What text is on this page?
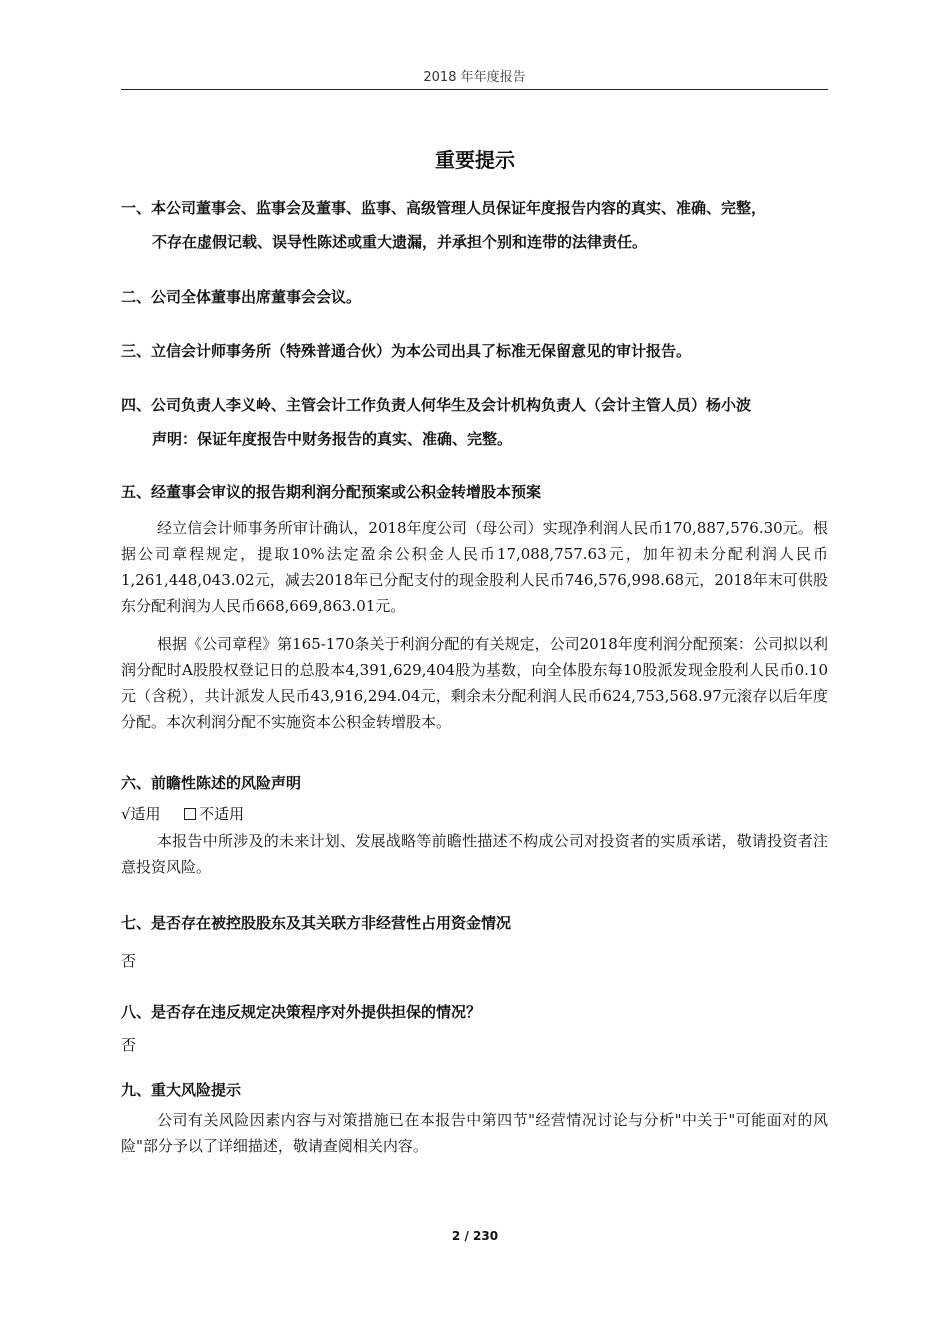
2018 年年度报告
重要提示
一、本公司董事会、监事会及董事、监事、高级管理人员保证年度报告内容的真实、准确、完整，
不存在虚假记载、误导性陈述或重大遗漏，并承担个别和连带的法律责任。
二、公司全体董事出席董事会会议。
三、立信会计师事务所（特殊普通合伙）为本公司出具了标准无保留意见的审计报告。
四、公司负责人李义岭、主管会计工作负责人何华生及会计机构负责人（会计主管人员）杨小波
声明：保证年度报告中财务报告的真实、准确、完整。
五、经董事会审议的报告期利润分配预案或公积金转增股本预案
经立信会计师事务所审计确认，2018年度公司（母公司）实现净利润人民币170,887,576.30元。根据公司章程规定，提取10%法定盈余公积金人民币17,088,757.63元，加年初未分配利润人民币1,261,448,043.02元，减去2018年已分配支付的现金股利人民币746,576,998.68元，2018年末可供股东分配利润为人民币668,669,863.01元。
根据《公司章程》第165-170条关于利润分配的有关规定，公司2018年度利润分配预案：公司拟以利润分配时A股股权登记日的总股本4,391,629,404股为基数，向全体股东每10股派发现金股利人民币0.10元（含税），共计派发人民币43,916,294.04元，剩余未分配利润人民币624,753,568.97元滚存以后年度分配。本次利润分配不实施资本公积金转增股本。
六、前瞻性陈述的风险声明
√适用	不适用
本报告中所涉及的未来计划、发展战略等前瞻性描述不构成公司对投资者的实质承诺，敬请投资者注意投资风险。
七、是否存在被控股股东及其关联方非经营性占用资金情况
否
八、是否存在违反规定决策程序对外提供担保的情况？
否
九、重大风险提示
公司有关风险因素内容与对策措施已在本报告中第四节"经营情况讨论与分析"中关于"可能面对的风险"部分予以了详细描述，敬请查阅相关内容。
2 / 230
